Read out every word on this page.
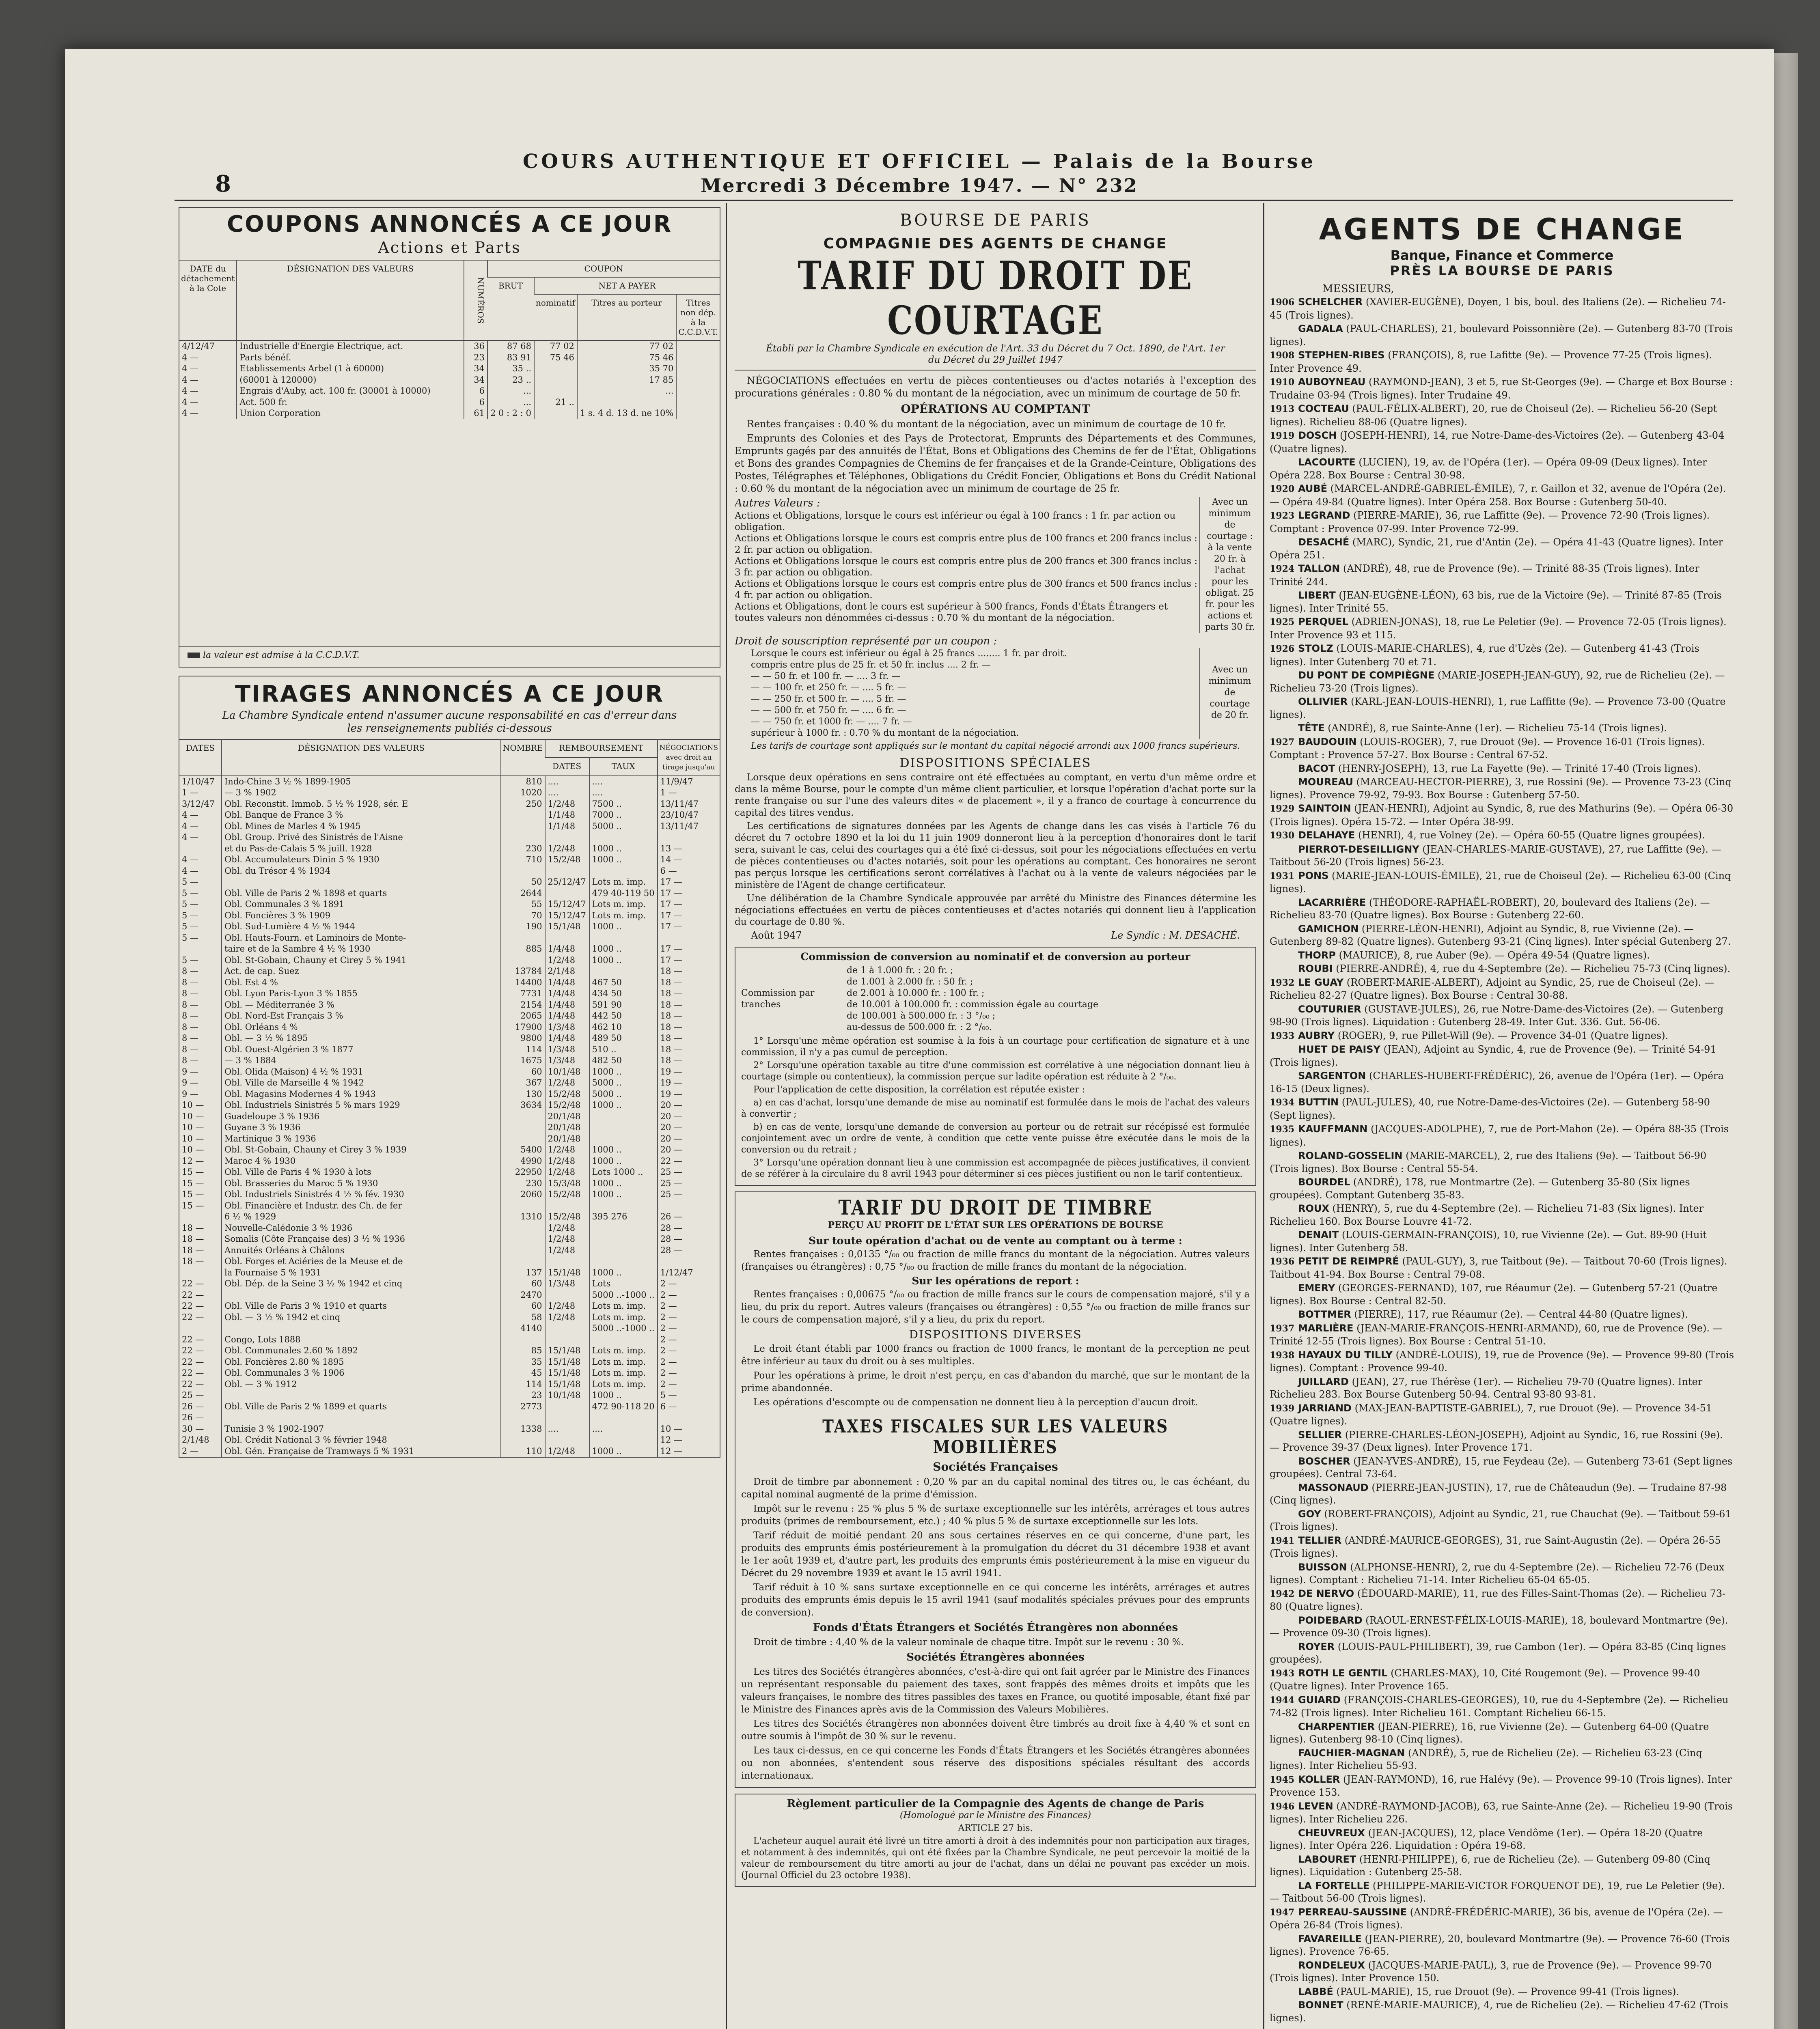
8
COURS AUTHENTIQUE ET OFFICIEL — Palais de la Bourse
Mercredi 3 Décembre 1947. — N° 232
COUPONS ANNONCÉS A CE JOUR
Actions et Parts
DATE du détachement à la Cote	DÉSIGNATION DES VALEURS	NUMÉROS	COUPON			
			BRUT	NET A PAYER		
				nominatif	Titres au porteur	Titres non dép. à la C.C.D.V.T.
4/12/47	Industrielle d'Energie Electrique, act.	36	87 68	77 02	77 02	
4 —	Parts bénéf.	23	83 91	75 46	75 46	
4 —	Etablissements Arbel (1 à 60000)	34	35 ..		35 70	
4 —	(60001 à 120000)	34	23 ..		17 85	
4 —	Engrais d'Auby, act. 100 fr. (30001 à 10000)	6	...		...	
4 —	Act. 500 fr.	6	...	21 ..		
4 —	Union Corporation	61	2 0 : 2 : 0		1 s. 4 d. 13 d. ne 10%	
la valeur est admise à la C.C.D.V.T.
TIRAGES ANNONCÉS A CE JOUR
La Chambre Syndicale entend n'assumer aucune responsabilité en cas d'erreur dans les renseignements publiés ci-dessous
DATES	DÉSIGNATION DES VALEURS	NOMBRE	REMBOURSEMENT		NÉGOCIATIONS avec droit au tirage jusqu'au
			DATES	TAUX	
1/10/47	Indo-Chine 3 ½ % 1899-1905	810	....	....	11/9/47
1 —	— 3 % 1902	1020	....	....	1 —
3/12/47	Obl. Reconstit. Immob. 5 ½ % 1928, sér. E	250	1/2/48	7500 ..	13/11/47
4 —	Obl. Banque de France 3 %		1/1/48	7000 ..	23/10/47
4 —	Obl. Mines de Marles 4 % 1945		1/1/48	5000 ..	13/11/47
4 —	Obl. Group. Privé des Sinistrés de l'Aisne				
	et du Pas-de-Calais 5 % juill. 1928	230	1/2/48	1000 ..	13 —
4 —	Obl. Accumulateurs Dinin 5 % 1930	710	15/2/48	1000 ..	14 —
4 —	Obl. du Trésor 4 % 1934				6 —
5 —		50	25/12/47	Lots m. imp.	17 —
5 —	Obl. Ville de Paris 2 % 1898 et quarts	2644		479 40-119 50	17 —
5 —	Obl. Communales 3 % 1891	55	15/12/47	Lots m. imp.	17 —
5 —	Obl. Foncières 3 % 1909	70	15/12/47	Lots m. imp.	17 —
5 —	Obl. Sud-Lumière 4 ½ % 1944	190	15/1/48	1000 ..	17 —
5 —	Obl. Hauts-Fourn. et Laminoirs de Monte-				
	taire et de la Sambre 4 ½ % 1930	885	1/4/48	1000 ..	17 —
5 —	Obl. St-Gobain, Chauny et Cirey 5 % 1941		1/2/48	1000 ..	17 —
8 —	Act. de cap. Suez	13784	2/1/48		18 —
8 —	Obl. Est 4 %	14400	1/4/48	467 50	18 —
8 —	Obl. Lyon Paris-Lyon 3 % 1855	7731	1/4/48	434 50	18 —
8 —	Obl. — Méditerranée 3 %	2154	1/4/48	591 90	18 —
8 —	Obl. Nord-Est Français 3 %	2065	1/4/48	442 50	18 —
8 —	Obl. Orléans 4 %	17900	1/3/48	462 10	18 —
8 —	Obl. — 3 ½ % 1895	9800	1/4/48	489 50	18 —
8 —	Obl. Ouest-Algérien 3 % 1877	114	1/3/48	510 ..	18 —
8 —	— 3 % 1884	1675	1/3/48	482 50	18 —
9 —	Obl. Olida (Maison) 4 ½ % 1931	60	10/1/48	1000 ..	19 —
9 —	Obl. Ville de Marseille 4 % 1942	367	1/2/48	5000 ..	19 —
9 —	Obl. Magasins Modernes 4 % 1943	130	15/2/48	5000 ..	19 —
10 —	Obl. Industriels Sinistrés 5 % mars 1929	3634	15/2/48	1000 ..	20 —
10 —	Guadeloupe 3 % 1936		20/1/48		20 —
10 —	Guyane 3 % 1936		20/1/48		20 —
10 —	Martinique 3 % 1936		20/1/48		20 —
10 —	Obl. St-Gobain, Chauny et Cirey 3 % 1939	5400	1/2/48	1000 ..	20 —
12 —	Maroc 4 % 1930	4990	1/2/48	1000 ..	22 —
15 —	Obl. Ville de Paris 4 % 1930 à lots	22950	1/2/48	Lots 1000 ..	25 —
15 —	Obl. Brasseries du Maroc 5 % 1930	230	15/3/48	1000 ..	25 —
15 —	Obl. Industriels Sinistrés 4 ½ % fév. 1930	2060	15/2/48	1000 ..	25 —
15 —	Obl. Financière et Industr. des Ch. de fer				
	6 ½ % 1929	1310	15/2/48	395 276	26 —
18 —	Nouvelle-Calédonie 3 % 1936		1/2/48		28 —
18 —	Somalis (Côte Française des) 3 ½ % 1936		1/2/48		28 —
18 —	Annuités Orléans à Châlons		1/2/48		28 —
18 —	Obl. Forges et Aciéries de la Meuse et de				
	la Fournaise 5 % 1931	137	15/1/48	1000 ..	1/12/47
22 —	Obl. Dép. de la Seine 3 ½ % 1942 et cinq	60	1/3/48	Lots	2 —
22 —		2470		5000 ..-1000 ..	2 —
22 —	Obl. Ville de Paris 3 % 1910 et quarts	60	1/2/48	Lots m. imp.	2 —
22 —	Obl. — 3 ½ % 1942 et cinq	58	1/2/48	Lots m. imp.	2 —
		4140		5000 ..-1000 ..	2 —
22 —	Congo, Lots 1888				2 —
22 —	Obl. Communales 2.60 % 1892	85	15/1/48	Lots m. imp.	2 —
22 —	Obl. Foncières 2.80 % 1895	35	15/1/48	Lots m. imp.	2 —
22 —	Obl. Communales 3 % 1906	45	15/1/48	Lots m. imp.	2 —
22 —	Obl. — 3 % 1912	114	15/1/48	Lots m. imp.	2 —
25 —		23	10/1/48	1000 ..	5 —
26 —	Obl. Ville de Paris 2 % 1899 et quarts	2773		472 90-118 20	6 —
26 —					
30 —	Tunisie 3 % 1902-1907	1338	....	....	10 —
2/1/48	Obl. Crédit National 3 % février 1948				12 —
2 —	Obl. Gén. Française de Tramways 5 % 1931	110	1/2/48	1000 ..	12 —
BOURSE DE PARIS
COMPAGNIE DES AGENTS DE CHANGE
TARIF DU DROIT DE COURTAGE
Établi par la Chambre Syndicale en exécution de l'Art. 33 du Décret du 7 Oct. 1890, de l'Art. 1er du Décret du 29 Juillet 1947
NÉGOCIATIONS effectuées en vertu de pièces contentieuses ou d'actes notariés à l'exception des procurations générales : 0.80 % du montant de la négociation, avec un minimum de courtage de 50 fr.
OPÉRATIONS AU COMPTANT
Rentes françaises : 0.40 % du montant de la négociation, avec un minimum de courtage de 10 fr.
Emprunts des Colonies et des Pays de Protectorat, Emprunts des Départements et des Communes, Emprunts gagés par des annuités de l'État, Bons et Obligations des Chemins de fer de l'État, Obligations et Bons des grandes Compagnies de Chemins de fer françaises et de la Grande-Ceinture, Obligations des Postes, Télégraphes et Téléphones, Obligations du Crédit Foncier, Obligations et Bons du Crédit National : 0.60 % du montant de la négociation avec un minimum de courtage de 25 fr.
Autres Valeurs :
Actions et Obligations, lorsque le cours est inférieur ou égal à 100 francs : 1 fr. par action ou obligation.
Actions et Obligations lorsque le cours est compris entre plus de 100 francs et 200 francs inclus : 2 fr. par action ou obligation.
Actions et Obligations lorsque le cours est compris entre plus de 200 francs et 300 francs inclus : 3 fr. par action ou obligation.
Actions et Obligations lorsque le cours est compris entre plus de 300 francs et 500 francs inclus : 4 fr. par action ou obligation.
Actions et Obligations, dont le cours est supérieur à 500 francs, Fonds d'États Étrangers et toutes valeurs non dénommées ci-dessus : 0.70 % du montant de la négociation.
Avec un minimum de courtage : à la vente 20 fr. à l'achat pour les obligat. 25 fr. pour les actions et parts 30 fr.
Droit de souscription représenté par un coupon :
Lorsque le cours est inférieur ou égal à 25 francs ........ 1 fr. par droit.
compris entre plus de 25 fr. et 50 fr. inclus .... 2 fr. —
— — 50 fr. et 100 fr. — .... 3 fr. —
— — 100 fr. et 250 fr. — .... 5 fr. —
— — 250 fr. et 500 fr. — .... 5 fr. —
— — 500 fr. et 750 fr. — .... 6 fr. —
— — 750 fr. et 1000 fr. — .... 7 fr. —
supérieur à 1000 fr. : 0.70 % du montant de la négociation.
Avec un minimum de courtage de 20 fr.
Les tarifs de courtage sont appliqués sur le montant du capital négocié arrondi aux 1000 francs supérieurs.
DISPOSITIONS SPÉCIALES
Lorsque deux opérations en sens contraire ont été effectuées au comptant, en vertu d'un même ordre et dans la même Bourse, pour le compte d'un même client particulier, et lorsque l'opération d'achat porte sur la rente française ou sur l'une des valeurs dites « de placement », il y a franco de courtage à concurrence du capital des titres vendus.
Les certifications de signatures données par les Agents de change dans les cas visés à l'article 76 du décret du 7 octobre 1890 et la loi du 11 juin 1909 donneront lieu à la perception d'honoraires dont le tarif sera, suivant le cas, celui des courtages qui a été fixé ci-dessus, soit pour les négociations effectuées en vertu de pièces contentieuses ou d'actes notariés, soit pour les opérations au comptant. Ces honoraires ne seront pas perçus lorsque les certifications seront corrélatives à l'achat ou à la vente de valeurs négociées par le ministère de l'Agent de change certificateur.
Une délibération de la Chambre Syndicale approuvée par arrêté du Ministre des Finances détermine les négociations effectuées en vertu de pièces contentieuses et d'actes notariés qui donnent lieu à l'application du courtage de 0.80 %.
Août 1947	Le Syndic : M. DESACHÉ.
Commission de conversion au nominatif et de conversion au porteur
Commission par tranches
de 1 à 1.000 fr. : 20 fr. ;
de 1.001 à 2.000 fr. : 50 fr. ;
de 2.001 à 10.000 fr. : 100 fr. ;
de 10.001 à 100.000 fr. : commission égale au courtage
de 100.001 à 500.000 fr. : 3 °/₀₀ ;
au-dessus de 500.000 fr. : 2 °/₀₀.
1° Lorsqu'une même opération est soumise à la fois à un courtage pour certification de signature et à une commission, il n'y a pas cumul de perception.
2° Lorsqu'une opération taxable au titre d'une commission est corrélative à une négociation donnant lieu à courtage (simple ou contentieux), la commission perçue sur ladite opération est réduite à 2 °/₀₀.
Pour l'application de cette disposition, la corrélation est réputée exister :
a) en cas d'achat, lorsqu'une demande de mise au nominatif est formulée dans le mois de l'achat des valeurs à convertir ;
b) en cas de vente, lorsqu'une demande de conversion au porteur ou de retrait sur récépissé est formulée conjointement avec un ordre de vente, à condition que cette vente puisse être exécutée dans le mois de la conversion ou du retrait ;
3° Lorsqu'une opération donnant lieu à une commission est accompagnée de pièces justificatives, il convient de se référer à la circulaire du 8 avril 1943 pour déterminer si ces pièces justifient ou non le tarif contentieux.
TARIF DU DROIT DE TIMBRE
PERÇU AU PROFIT DE L'ÉTAT SUR LES OPÉRATIONS DE BOURSE
Sur toute opération d'achat ou de vente au comptant ou à terme :
Rentes françaises : 0,0135 °/₀₀ ou fraction de mille francs du montant de la négociation. Autres valeurs (françaises ou étrangères) : 0,75 °/₀₀ ou fraction de mille francs du montant de la négociation.
Sur les opérations de report :
Rentes françaises : 0,00675 °/₀₀ ou fraction de mille francs sur le cours de compensation majoré, s'il y a lieu, du prix du report. Autres valeurs (françaises ou étrangères) : 0,55 °/₀₀ ou fraction de mille francs sur le cours de compensation majoré, s'il y a lieu, du prix du report.
DISPOSITIONS DIVERSES
Le droit étant établi par 1000 francs ou fraction de 1000 francs, le montant de la perception ne peut être inférieur au taux du droit ou à ses multiples.
Pour les opérations à prime, le droit n'est perçu, en cas d'abandon du marché, que sur le montant de la prime abandonnée.
Les opérations d'escompte ou de compensation ne donnent lieu à la perception d'aucun droit.
TAXES FISCALES SUR LES VALEURS MOBILIÈRES
Sociétés Françaises
Droit de timbre par abonnement : 0,20 % par an du capital nominal des titres ou, le cas échéant, du capital nominal augmenté de la prime d'émission.
Impôt sur le revenu : 25 % plus 5 % de surtaxe exceptionnelle sur les intérêts, arrérages et tous autres produits (primes de remboursement, etc.) ; 40 % plus 5 % de surtaxe exceptionnelle sur les lots.
Tarif réduit de moitié pendant 20 ans sous certaines réserves en ce qui concerne, d'une part, les produits des emprunts émis postérieurement à la promulgation du décret du 31 décembre 1938 et avant le 1er août 1939 et, d'autre part, les produits des emprunts émis postérieurement à la mise en vigueur du Décret du 29 novembre 1939 et avant le 15 avril 1941.
Tarif réduit à 10 % sans surtaxe exceptionnelle en ce qui concerne les intérêts, arrérages et autres produits des emprunts émis depuis le 15 avril 1941 (sauf modalités spéciales prévues pour des emprunts de conversion).
Fonds d'États Étrangers et Sociétés Étrangères non abonnées
Droit de timbre : 4,40 % de la valeur nominale de chaque titre. Impôt sur le revenu : 30 %.
Sociétés Étrangères abonnées
Les titres des Sociétés étrangères abonnées, c'est-à-dire qui ont fait agréer par le Ministre des Finances un représentant responsable du paiement des taxes, sont frappés des mêmes droits et impôts que les valeurs françaises, le nombre des titres passibles des taxes en France, ou quotité imposable, étant fixé par le Ministre des Finances après avis de la Commission des Valeurs Mobilières.
Les titres des Sociétés étrangères non abonnées doivent être timbrés au droit fixe à 4,40 % et sont en outre soumis à l'impôt de 30 % sur le revenu.
Les taux ci-dessus, en ce qui concerne les Fonds d'États Étrangers et les Sociétés étrangères abonnées ou non abonnées, s'entendent sous réserve des dispositions spéciales résultant des accords internationaux.
Règlement particulier de la Compagnie des Agents de change de Paris
(Homologué par le Ministre des Finances)
ARTICLE 27 bis.
L'acheteur auquel aurait été livré un titre amorti à droit à des indemnités pour non participation aux tirages, et notamment à des indemnités, qui ont été fixées par la Chambre Syndicale, ne peut percevoir la moitié de la valeur de remboursement du titre amorti au jour de l'achat, dans un délai ne pouvant pas excéder un mois. (Journal Officiel du 23 octobre 1938).
AGENTS DE CHANGE
Banque, Finance et Commerce
PRÈS LA BOURSE DE PARIS
MESSIEURS,
1906 SCHELCHER (XAVIER-EUGÈNE), Doyen, 1 bis, boul. des Italiens (2e). — Richelieu 74-45 (Trois lignes).
GADALA (PAUL-CHARLES), 21, boulevard Poissonnière (2e). — Gutenberg 83-70 (Trois lignes).
1908 STEPHEN-RIBES (FRANÇOIS), 8, rue Lafitte (9e). — Provence 77-25 (Trois lignes). Inter Provence 49.
1910 AUBOYNEAU (RAYMOND-JEAN), 3 et 5, rue St-Georges (9e). — Charge et Box Bourse : Trudaine 03-94 (Trois lignes). Inter Trudaine 49.
1913 COCTEAU (PAUL-FÉLIX-ALBERT), 20, rue de Choiseul (2e). — Richelieu 56-20 (Sept lignes). Richelieu 88-06 (Quatre lignes).
1919 DOSCH (JOSEPH-HENRI), 14, rue Notre-Dame-des-Victoires (2e). — Gutenberg 43-04 (Quatre lignes).
LACOURTE (LUCIEN), 19, av. de l'Opéra (1er). — Opéra 09-09 (Deux lignes). Inter Opéra 228. Box Bourse : Central 30-98.
1920 AUBÉ (MARCEL-ANDRÉ-GABRIEL-ÉMILE), 7, r. Gaillon et 32, avenue de l'Opéra (2e). — Opéra 49-84 (Quatre lignes). Inter Opéra 258. Box Bourse : Gutenberg 50-40.
1923 LEGRAND (PIERRE-MARIE), 36, rue Laffitte (9e). — Provence 72-90 (Trois lignes). Comptant : Provence 07-99. Inter Provence 72-99.
DESACHÉ (MARC), Syndic, 21, rue d'Antin (2e). — Opéra 41-43 (Quatre lignes). Inter Opéra 251.
1924 TALLON (ANDRÉ), 48, rue de Provence (9e). — Trinité 88-35 (Trois lignes). Inter Trinité 244.
LIBERT (JEAN-EUGÈNE-LÉON), 63 bis, rue de la Victoire (9e). — Trinité 87-85 (Trois lignes). Inter Trinité 55.
1925 PERQUEL (ADRIEN-JONAS), 18, rue Le Peletier (9e). — Provence 72-05 (Trois lignes). Inter Provence 93 et 115.
1926 STOLZ (LOUIS-MARIE-CHARLES), 4, rue d'Uzès (2e). — Gutenberg 41-43 (Trois lignes). Inter Gutenberg 70 et 71.
DU PONT DE COMPIÈGNE (MARIE-JOSEPH-JEAN-GUY), 92, rue de Richelieu (2e). — Richelieu 73-20 (Trois lignes).
OLLIVIER (KARL-JEAN-LOUIS-HENRI), 1, rue Laffitte (9e). — Provence 73-00 (Quatre lignes).
TÊTE (ANDRÉ), 8, rue Sainte-Anne (1er). — Richelieu 75-14 (Trois lignes).
1927 BAUDOUIN (LOUIS-ROGER), 7, rue Drouot (9e). — Provence 16-01 (Trois lignes). Comptant : Provence 57-27. Box Bourse : Central 67-52.
BACOT (HENRY-JOSEPH), 13, rue La Fayette (9e). — Trinité 17-40 (Trois lignes).
MOUREAU (MARCEAU-HECTOR-PIERRE), 3, rue Rossini (9e). — Provence 73-23 (Cinq lignes). Provence 79-92, 79-93. Box Bourse : Gutenberg 57-50.
1929 SAINTOIN (JEAN-HENRI), Adjoint au Syndic, 8, rue des Mathurins (9e). — Opéra 06-30 (Trois lignes). Opéra 15-72. — Inter Opéra 38-99.
1930 DELAHAYE (HENRI), 4, rue Volney (2e). — Opéra 60-55 (Quatre lignes groupées).
PIERROT-DESEILLIGNY (JEAN-CHARLES-MARIE-GUSTAVE), 27, rue Laffitte (9e). — Taitbout 56-20 (Trois lignes) 56-23.
1931 PONS (MARIE-JEAN-LOUIS-ÉMILE), 21, rue de Choiseul (2e). — Richelieu 63-00 (Cinq lignes).
LACARRIÈRE (THÉODORE-RAPHAËL-ROBERT), 20, boulevard des Italiens (2e). — Richelieu 83-70 (Quatre lignes). Box Bourse : Gutenberg 22-60.
GAMICHON (PIERRE-LÉON-HENRI), Adjoint au Syndic, 8, rue Vivienne (2e). — Gutenberg 89-82 (Quatre lignes). Gutenberg 93-21 (Cinq lignes). Inter spécial Gutenberg 27.
THORP (MAURICE), 8, rue Auber (9e). — Opéra 49-54 (Quatre lignes).
ROUBI (PIERRE-ANDRÉ), 4, rue du 4-Septembre (2e). — Richelieu 75-73 (Cinq lignes).
1932 LE GUAY (ROBERT-MARIE-ALBERT), Adjoint au Syndic, 25, rue de Choiseul (2e). — Richelieu 82-27 (Quatre lignes). Box Bourse : Central 30-88.
COUTURIER (GUSTAVE-JULES), 26, rue Notre-Dame-des-Victoires (2e). — Gutenberg 98-90 (Trois lignes). Liquidation : Gutenberg 28-49. Inter Gut. 336. Gut. 56-06.
1933 AUBRY (ROGER), 9, rue Pillet-Will (9e). — Provence 34-01 (Quatre lignes).
HUET DE PAISY (JEAN), Adjoint au Syndic, 4, rue de Provence (9e). — Trinité 54-91 (Trois lignes).
SARGENTON (CHARLES-HUBERT-FRÉDÉRIC), 26, avenue de l'Opéra (1er). — Opéra 16-15 (Deux lignes).
1934 BUTTIN (PAUL-JULES), 40, rue Notre-Dame-des-Victoires (2e). — Gutenberg 58-90 (Sept lignes).
1935 KAUFFMANN (JACQUES-ADOLPHE), 7, rue de Port-Mahon (2e). — Opéra 88-35 (Trois lignes).
ROLAND-GOSSELIN (MARIE-MARCEL), 2, rue des Italiens (9e). — Taitbout 56-90 (Trois lignes). Box Bourse : Central 55-54.
BOURDEL (ANDRÉ), 178, rue Montmartre (2e). — Gutenberg 35-80 (Six lignes groupées). Comptant Gutenberg 35-83.
ROUX (HENRY), 5, rue du 4-Septembre (2e). — Richelieu 71-83 (Six lignes). Inter Richelieu 160. Box Bourse Louvre 41-72.
DENAIT (LOUIS-GERMAIN-FRANÇOIS), 10, rue Vivienne (2e). — Gut. 89-90 (Huit lignes). Inter Gutenberg 58.
1936 PETIT DE REIMPRÉ (PAUL-GUY), 3, rue Taitbout (9e). — Taitbout 70-60 (Trois lignes). Taitbout 41-94. Box Bourse : Central 79-08.
EMERY (GEORGES-FERNAND), 107, rue Réaumur (2e). — Gutenberg 57-21 (Quatre lignes). Box Bourse : Central 82-50.
BOTTMER (PIERRE), 117, rue Réaumur (2e). — Central 44-80 (Quatre lignes).
1937 MARLIÈRE (JEAN-MARIE-FRANÇOIS-HENRI-ARMAND), 60, rue de Provence (9e). — Trinité 12-55 (Trois lignes). Box Bourse : Central 51-10.
1938 HAYAUX DU TILLY (ANDRÉ-LOUIS), 19, rue de Provence (9e). — Provence 99-80 (Trois lignes). Comptant : Provence 99-40.
JUILLARD (JEAN), 27, rue Thérèse (1er). — Richelieu 79-70 (Quatre lignes). Inter Richelieu 283. Box Bourse Gutenberg 50-94. Central 93-80 93-81.
1939 JARRIAND (MAX-JEAN-BAPTISTE-GABRIEL), 7, rue Drouot (9e). — Provence 34-51 (Quatre lignes).
SELLIER (PIERRE-CHARLES-LÉON-JOSEPH), Adjoint au Syndic, 16, rue Rossini (9e). — Provence 39-37 (Deux lignes). Inter Provence 171.
BOSCHER (JEAN-YVES-ANDRÉ), 15, rue Feydeau (2e). — Gutenberg 73-61 (Sept lignes groupées). Central 73-64.
MASSONAUD (PIERRE-JEAN-JUSTIN), 17, rue de Châteaudun (9e). — Trudaine 87-98 (Cinq lignes).
GOY (ROBERT-FRANÇOIS), Adjoint au Syndic, 21, rue Chauchat (9e). — Taitbout 59-61 (Trois lignes).
1941 TELLIER (ANDRÉ-MAURICE-GEORGES), 31, rue Saint-Augustin (2e). — Opéra 26-55 (Trois lignes).
BUISSON (ALPHONSE-HENRI), 2, rue du 4-Septembre (2e). — Richelieu 72-76 (Deux lignes). Comptant : Richelieu 71-14. Inter Richelieu 65-04 65-05.
1942 DE NERVO (ÉDOUARD-MARIE), 11, rue des Filles-Saint-Thomas (2e). — Richelieu 73-80 (Quatre lignes).
POIDEBARD (RAOUL-ERNEST-FÉLIX-LOUIS-MARIE), 18, boulevard Montmartre (9e). — Provence 09-30 (Trois lignes).
ROYER (LOUIS-PAUL-PHILIBERT), 39, rue Cambon (1er). — Opéra 83-85 (Cinq lignes groupées).
1943 ROTH LE GENTIL (CHARLES-MAX), 10, Cité Rougemont (9e). — Provence 99-40 (Quatre lignes). Inter Provence 165.
1944 GUIARD (FRANÇOIS-CHARLES-GEORGES), 10, rue du 4-Septembre (2e). — Richelieu 74-82 (Trois lignes). Inter Richelieu 161. Comptant Richelieu 66-15.
CHARPENTIER (JEAN-PIERRE), 16, rue Vivienne (2e). — Gutenberg 64-00 (Quatre lignes). Gutenberg 98-10 (Cinq lignes).
FAUCHIER-MAGNAN (ANDRÉ), 5, rue de Richelieu (2e). — Richelieu 63-23 (Cinq lignes). Inter Richelieu 55-93.
1945 KOLLER (JEAN-RAYMOND), 16, rue Halévy (9e). — Provence 99-10 (Trois lignes). Inter Provence 153.
1946 LEVEN (ANDRÉ-RAYMOND-JACOB), 63, rue Sainte-Anne (2e). — Richelieu 19-90 (Trois lignes). Inter Richelieu 226.
CHEUVREUX (JEAN-JACQUES), 12, place Vendôme (1er). — Opéra 18-20 (Quatre lignes). Inter Opéra 226. Liquidation : Opéra 19-68.
LABOURET (HENRI-PHILIPPE), 6, rue de Richelieu (2e). — Gutenberg 09-80 (Cinq lignes). Liquidation : Gutenberg 25-58.
LA FORTELLE (PHILIPPE-MARIE-VICTOR FORQUENOT DE), 19, rue Le Peletier (9e). — Taitbout 56-00 (Trois lignes).
1947 PERREAU-SAUSSINE (ANDRÉ-FRÉDÉRIC-MARIE), 36 bis, avenue de l'Opéra (2e). — Opéra 26-84 (Trois lignes).
FAVAREILLE (JEAN-PIERRE), 20, boulevard Montmartre (9e). — Provence 76-60 (Trois lignes). Provence 76-65.
RONDELEUX (JACQUES-MARIE-PAUL), 3, rue de Provence (9e). — Provence 99-70 (Trois lignes). Inter Provence 150.
LABBÉ (PAUL-MARIE), 15, rue Drouot (9e). — Provence 99-41 (Trois lignes).
BONNET (RENÉ-MARIE-MAURICE), 4, rue de Richelieu (2e). — Richelieu 47-62 (Trois lignes).
